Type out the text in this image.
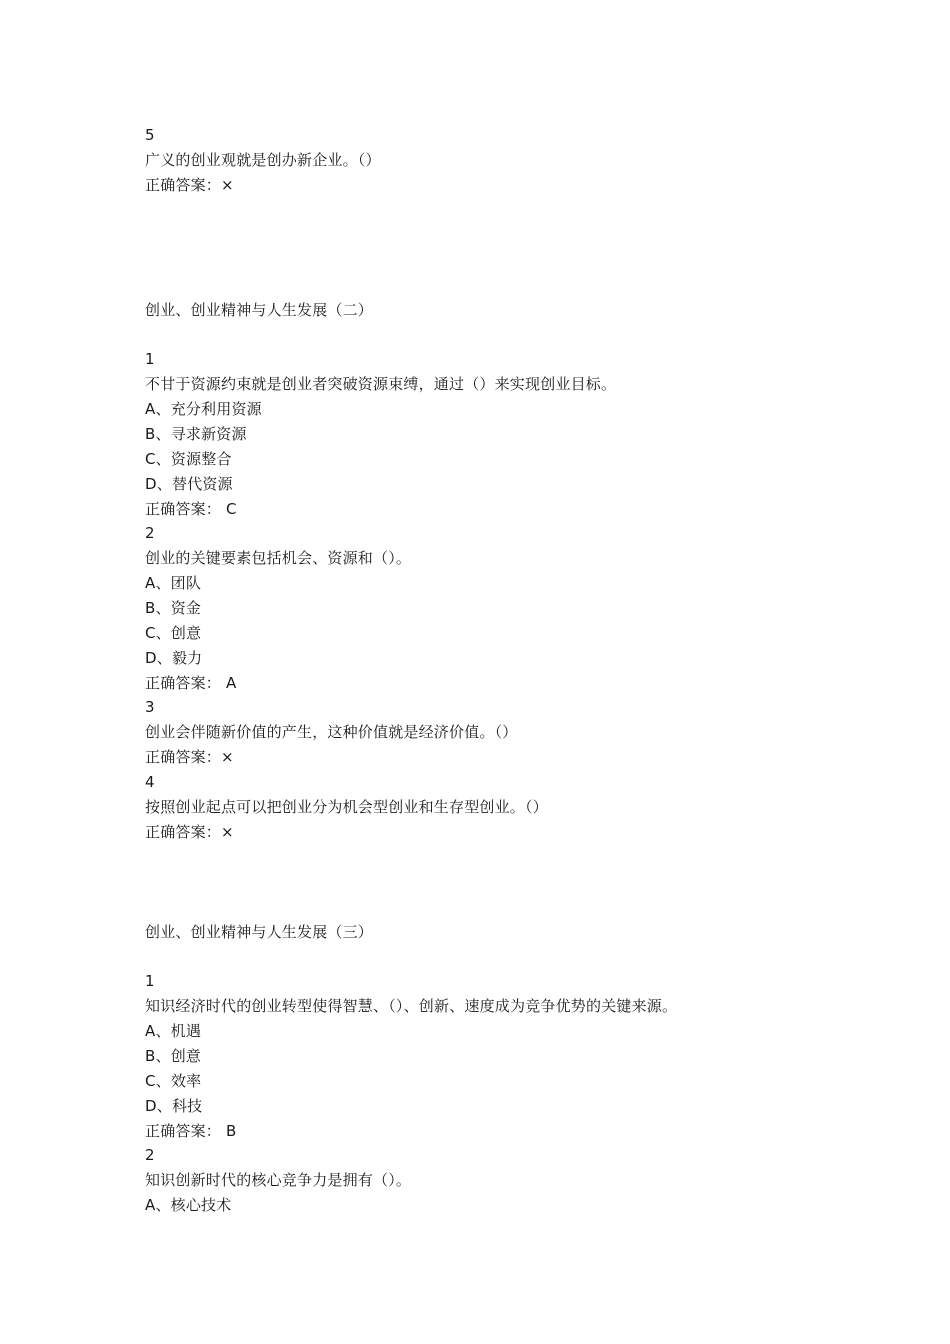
5
广义的创业观就是创办新企业。（）
正确答案：×
创业、创业精神与人生发展（二）
1
不甘于资源约束就是创业者突破资源束缚，通过（）来实现创业目标。
A、充分利用资源
B、寻求新资源
C、资源整合
D、替代资源
正确答案： C
2
创业的关键要素包括机会、资源和（）。
A、团队
B、资金
C、创意
D、毅力
正确答案： A
3
创业会伴随新价值的产生，这种价值就是经济价值。（）
正确答案：×
4
按照创业起点可以把创业分为机会型创业和生存型创业。（）
正确答案：×
创业、创业精神与人生发展（三）
1
知识经济时代的创业转型使得智慧、（）、创新、速度成为竞争优势的关键来源。
A、机遇
B、创意
C、效率
D、科技
正确答案： B
2
知识创新时代的核心竞争力是拥有（）。
A、核心技术
